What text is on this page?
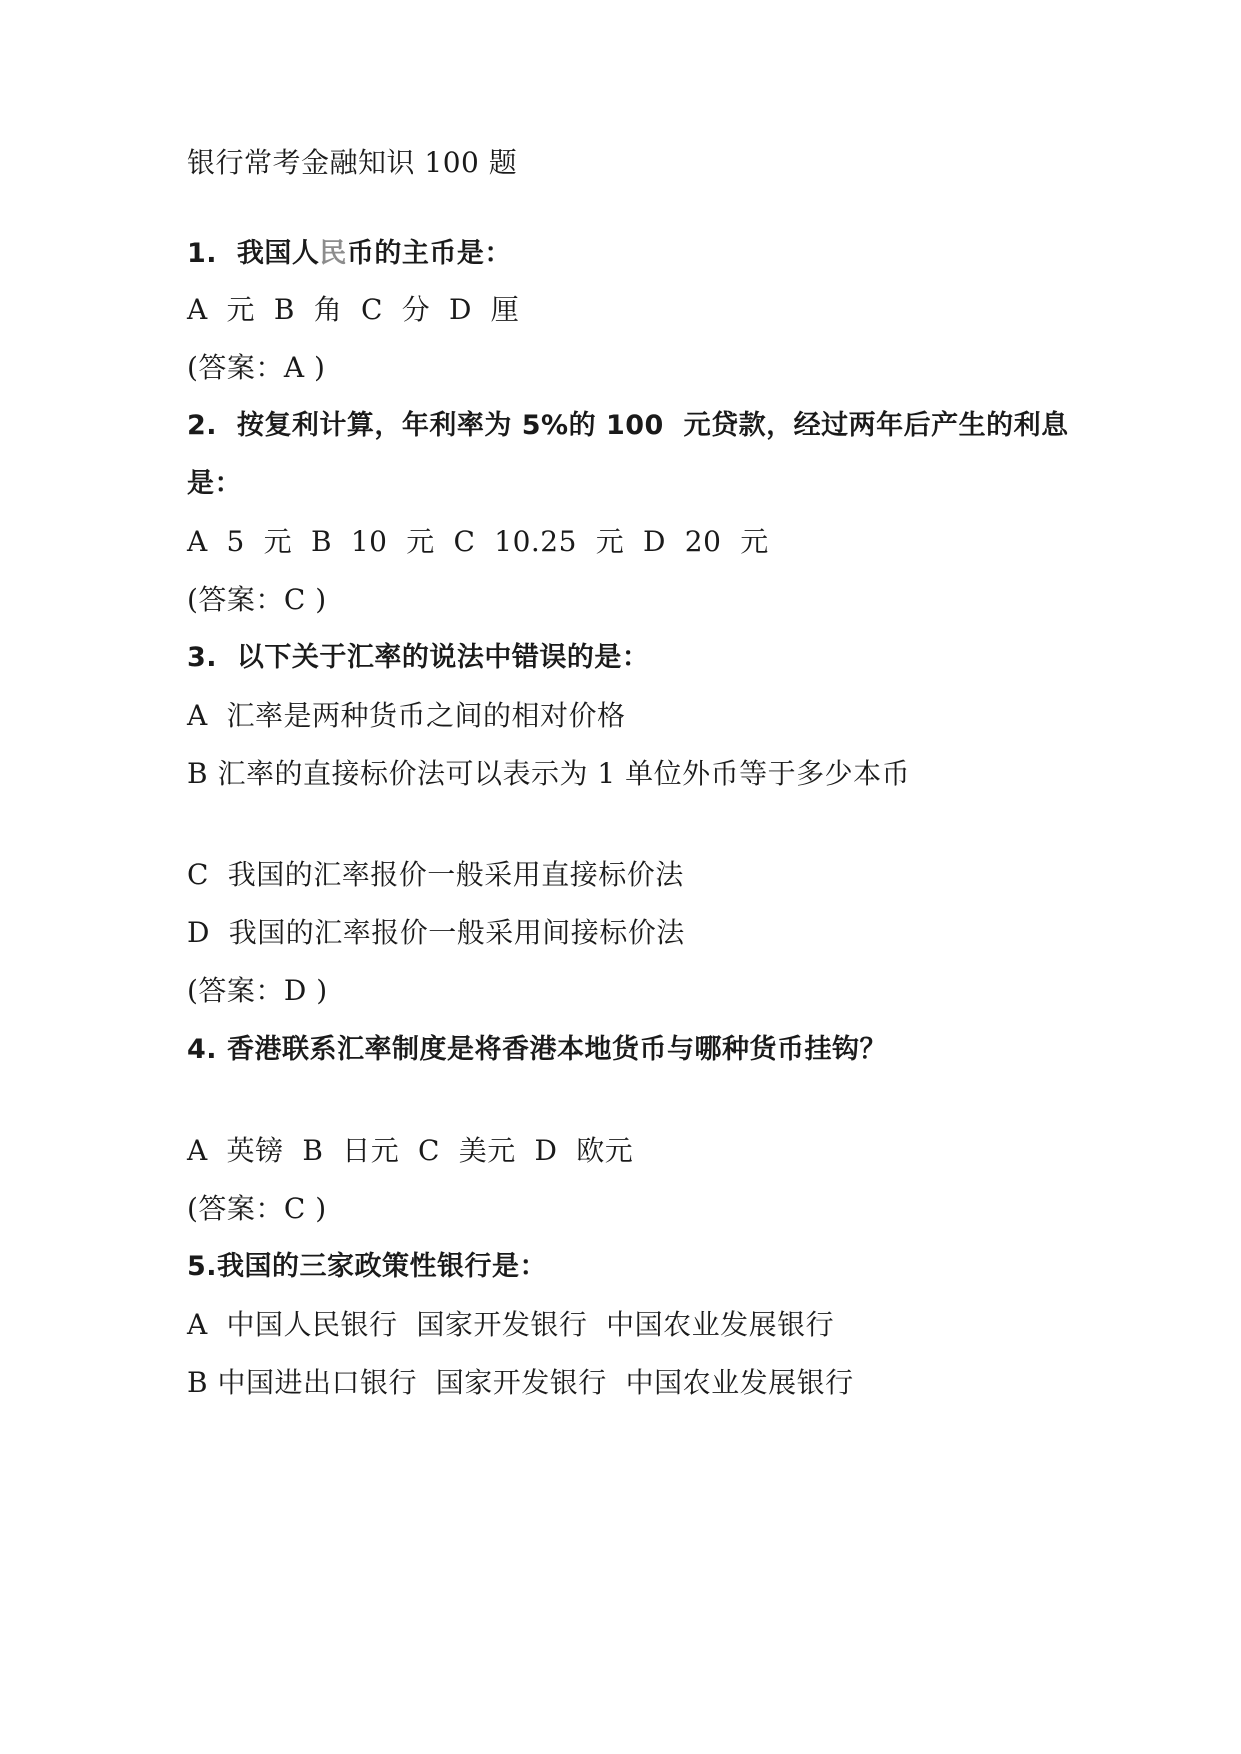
银行常考金融知识 100 题
1.  我国人民币的主币是：
A  元  B  角  C  分  D  厘
(答案：A )
2.  按复利计算，年利率为 5%的 100  元贷款，经过两年后产生的利息
是：
A  5  元  B  10  元  C  10.25  元  D  20  元
(答案：C )
3.  以下关于汇率的说法中错误的是：
A  汇率是两种货币之间的相对价格
B 汇率的直接标价法可以表示为 1 单位外币等于多少本币
C  我国的汇率报价一般采用直接标价法
D  我国的汇率报价一般采用间接标价法
(答案：D )
4. 香港联系汇率制度是将香港本地货币与哪种货币挂钩？
A  英镑  B  日元  C  美元  D  欧元
(答案：C )
5.我国的三家政策性银行是：
A  中国人民银行  国家开发银行  中国农业发展银行
B 中国进出口银行  国家开发银行  中国农业发展银行
